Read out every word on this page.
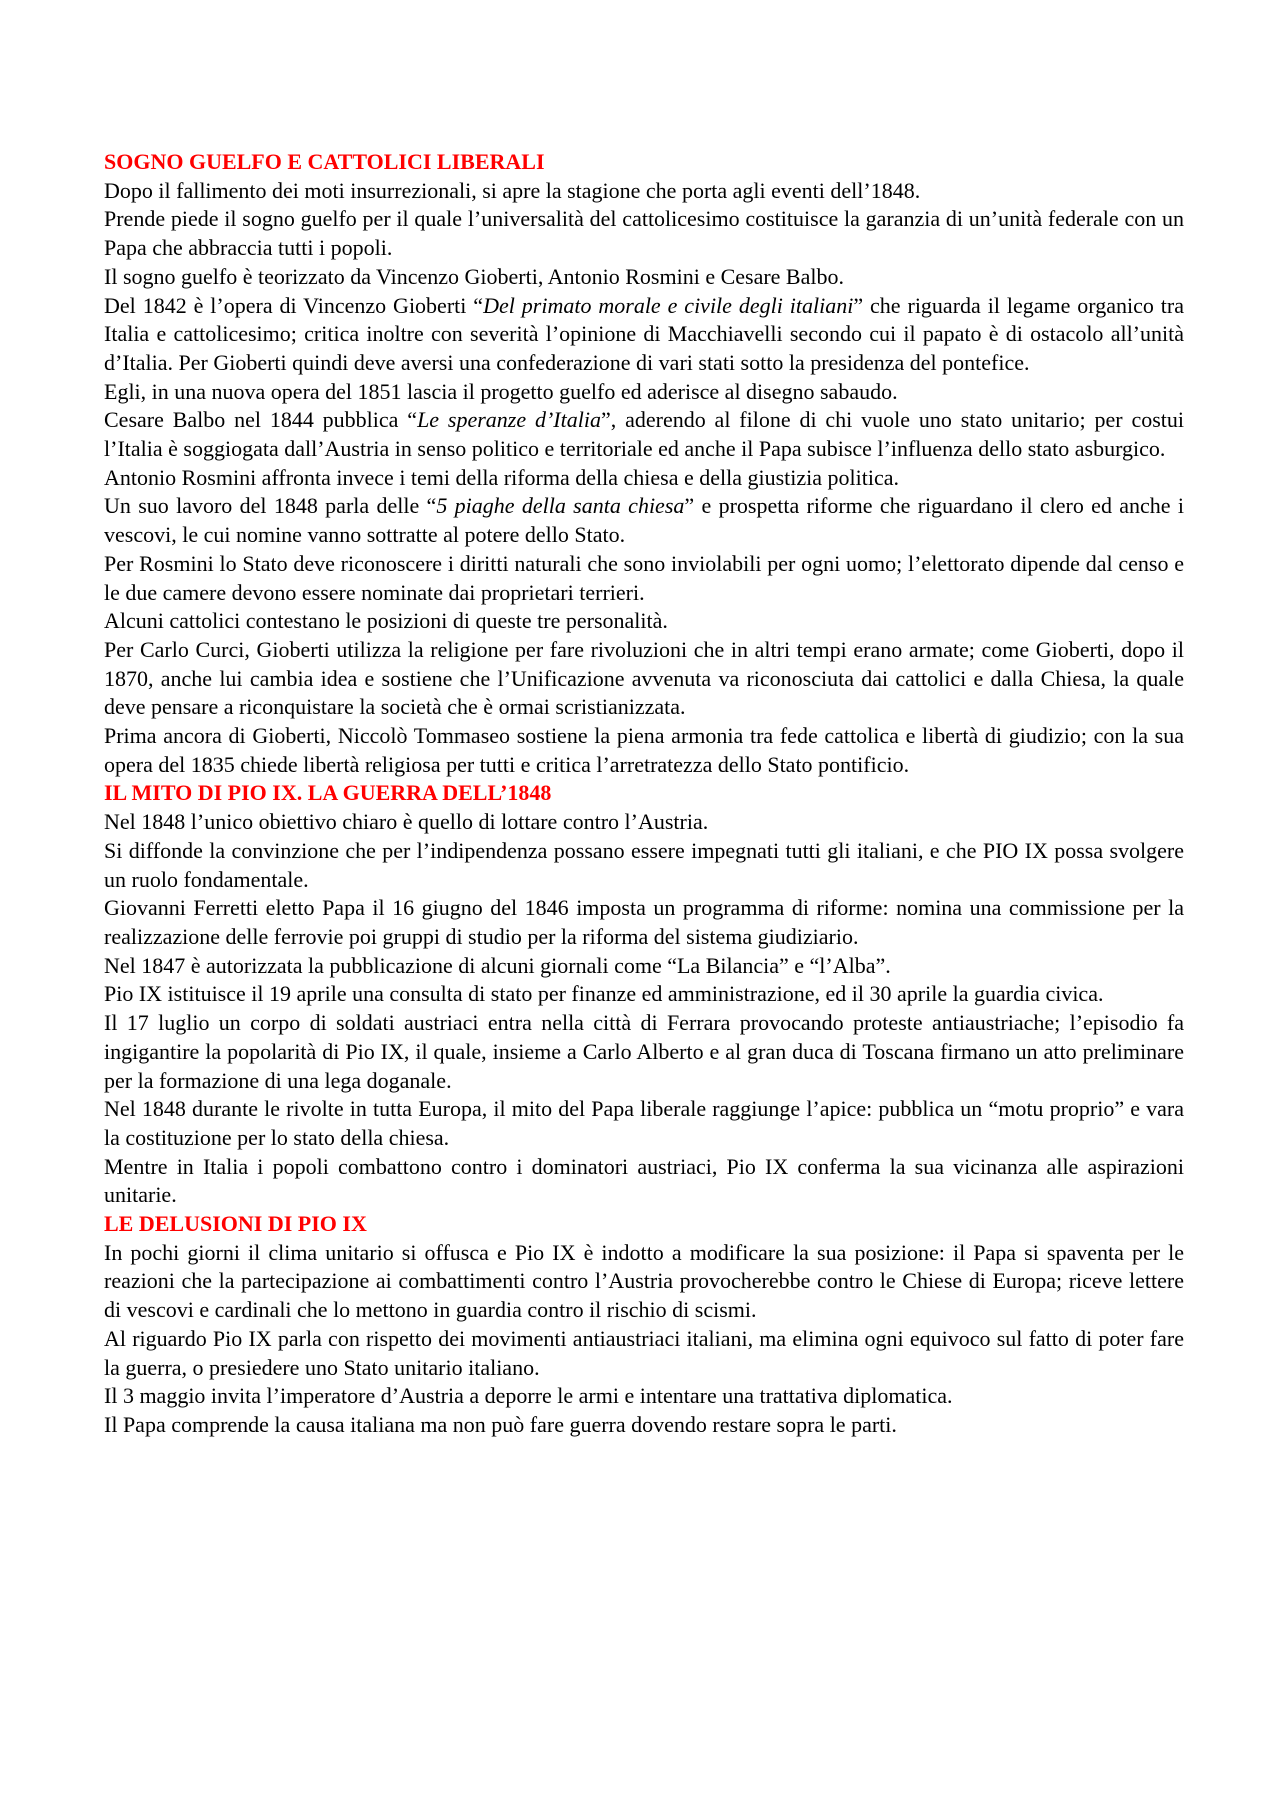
SOGNO GUELFO E CATTOLICI LIBERALI

Dopo il fallimento dei moti insurrezionali, si apre la stagione che porta agli eventi dell’1848.

Prende piede il sogno guelfo per il quale l’universalità del cattolicesimo costituisce la garanzia di un’unità federale con un Papa che abbraccia tutti i popoli.

Il sogno guelfo è teorizzato da Vincenzo Gioberti, Antonio Rosmini e Cesare Balbo.

Del 1842 è l’opera di Vincenzo Gioberti “Del primato morale e civile degli italiani” che riguarda il legame organico tra Italia e cattolicesimo; critica inoltre con severità l’opinione di Macchiavelli secondo cui il papato è di ostacolo all’unità d’Italia. Per Gioberti quindi deve aversi una confederazione di vari stati sotto la presidenza del pontefice.

Egli, in una nuova opera del 1851 lascia il progetto guelfo ed aderisce al disegno sabaudo.

Cesare Balbo nel 1844 pubblica “Le speranze d’Italia”, aderendo al filone di chi vuole uno stato unitario; per costui l’Italia è soggiogata dall’Austria in senso politico e territoriale ed anche il Papa subisce l’influenza dello stato asburgico.

Antonio Rosmini affronta invece i temi della riforma della chiesa e della giustizia politica.

Un suo lavoro del 1848 parla delle “5 piaghe della santa chiesa” e prospetta riforme che riguardano il clero ed anche i vescovi, le cui nomine vanno sottratte al potere dello Stato.

Per Rosmini lo Stato deve riconoscere i diritti naturali che sono inviolabili per ogni uomo; l’elettorato dipende dal censo e le due camere devono essere nominate dai proprietari terrieri.

Alcuni cattolici contestano le posizioni di queste tre personalità.

Per Carlo Curci, Gioberti utilizza la religione per fare rivoluzioni che in altri tempi erano armate; come Gioberti, dopo il 1870, anche lui cambia idea e sostiene che l’Unificazione avvenuta va riconosciuta dai cattolici e dalla Chiesa, la quale deve pensare a riconquistare la società che è ormai scristianizzata.

Prima ancora di Gioberti, Niccolò Tommaseo sostiene la piena armonia tra fede cattolica e libertà di giudizio; con la sua opera del 1835 chiede libertà religiosa per tutti e critica l’arretratezza dello Stato pontificio.

IL MITO DI PIO IX. LA GUERRA DELL’1848

Nel 1848 l’unico obiettivo chiaro è quello di lottare contro l’Austria.

Si diffonde la convinzione che per l’indipendenza possano essere impegnati tutti gli italiani, e che PIO IX possa svolgere un ruolo fondamentale.

Giovanni Ferretti eletto Papa il 16 giugno del 1846 imposta un programma di riforme: nomina una commissione per la realizzazione delle ferrovie poi gruppi di studio per la riforma del sistema giudiziario.

Nel 1847 è autorizzata la pubblicazione di alcuni giornali come “La Bilancia” e “l’Alba”.

Pio IX istituisce il 19 aprile una consulta di stato per finanze ed amministrazione, ed il 30 aprile la guardia civica.

Il 17 luglio un corpo di soldati austriaci entra nella città di Ferrara provocando proteste antiaustriache; l’episodio fa ingigantire la popolarità di Pio IX, il quale, insieme a Carlo Alberto e al gran duca di Toscana firmano un atto preliminare per la formazione di una lega doganale.

Nel 1848 durante le rivolte in tutta Europa, il mito del Papa liberale raggiunge l’apice: pubblica un “motu proprio” e vara la costituzione per lo stato della chiesa.

Mentre in Italia i popoli combattono contro i dominatori austriaci, Pio IX conferma la sua vicinanza alle aspirazioni unitarie.

LE DELUSIONI DI PIO IX

In pochi giorni il clima unitario si offusca e Pio IX è indotto a modificare la sua posizione: il Papa si spaventa per le reazioni che la partecipazione ai combattimenti contro l’Austria provocherebbe contro le Chiese di Europa; riceve lettere di vescovi e cardinali che lo mettono in guardia contro il rischio di scismi.

Al riguardo Pio IX parla con rispetto dei movimenti antiaustriaci italiani, ma elimina ogni equivoco sul fatto di poter fare la guerra, o presiedere uno Stato unitario italiano.

Il 3 maggio invita l’imperatore d’Austria a deporre le armi e intentare una trattativa diplomatica.

Il Papa comprende la causa italiana ma non può fare guerra dovendo restare sopra le parti.
